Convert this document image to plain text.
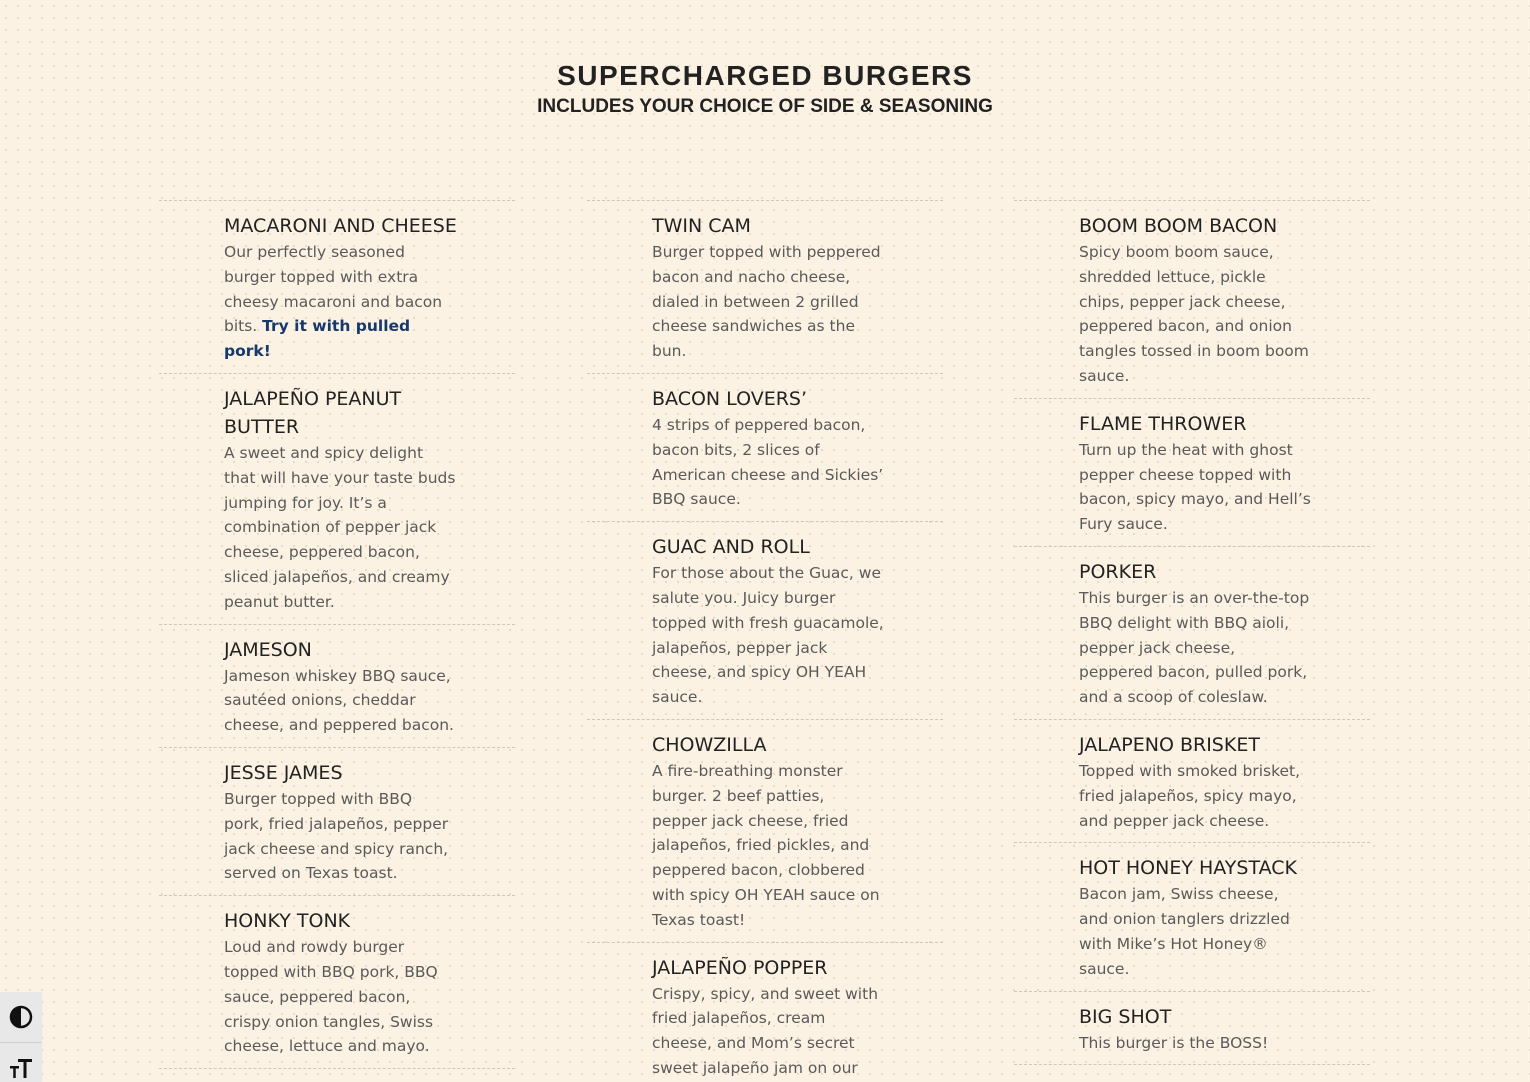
SUPERCHARGED BURGERS
INCLUDES YOUR CHOICE OF SIDE & SEASONING
MACARONI AND CHEESE

Our perfectly seasoned burger topped with extra cheesy macaroni and bacon bits. Try it with pulled pork!

JALAPEÑO PEANUT BUTTER

A sweet and spicy delight that will have your taste buds jumping for joy. It’s a combination of pepper jack cheese, peppered bacon, sliced jalapeños, and creamy peanut butter.

JAMESON

Jameson whiskey BBQ sauce, sautéed onions, cheddar cheese, and peppered bacon.

JESSE JAMES

Burger topped with BBQ pork, fried jalapeños, pepper jack cheese and spicy ranch, served on Texas toast.

HONKY TONK

Loud and rowdy burger topped with BBQ pork, BBQ sauce, peppered bacon, crispy onion tangles, Swiss cheese, lettuce and mayo.

TWIN CAM

Burger topped with peppered bacon and nacho cheese, dialed in between 2 grilled cheese sandwiches as the bun.

BACON LOVERS’

4 strips of peppered bacon, bacon bits, 2 slices of American cheese and Sickies’ BBQ sauce.

GUAC AND ROLL

For those about the Guac, we salute you. Juicy burger topped with fresh guacamole, jalapeños, pepper jack cheese, and spicy OH YEAH sauce.

CHOWZILLA

A fire-breathing monster burger. 2 beef patties, pepper jack cheese, fried jalapeños, fried pickles, and peppered bacon, clobbered with spicy OH YEAH sauce on Texas toast!

JALAPEÑO POPPER

Crispy, spicy, and sweet with fried jalapeños, cream cheese, and Mom’s secret sweet jalapeño jam on our

BOOM BOOM BACON

Spicy boom boom sauce, shredded lettuce, pickle chips, pepper jack cheese, peppered bacon, and onion tangles tossed in boom boom sauce.

FLAME THROWER

Turn up the heat with ghost pepper cheese topped with bacon, spicy mayo, and Hell’s Fury sauce.

PORKER

This burger is an over-the-top BBQ delight with BBQ aioli, pepper jack cheese, peppered bacon, pulled pork, and a scoop of coleslaw.

JALAPENO BRISKET

Topped with smoked brisket, fried jalapeños, spicy mayo, and pepper jack cheese.

HOT HONEY HAYSTACK

Bacon jam, Swiss cheese, and onion tanglers drizzled with Mike’s Hot Honey® sauce.

BIG SHOT

This burger is the BOSS!
